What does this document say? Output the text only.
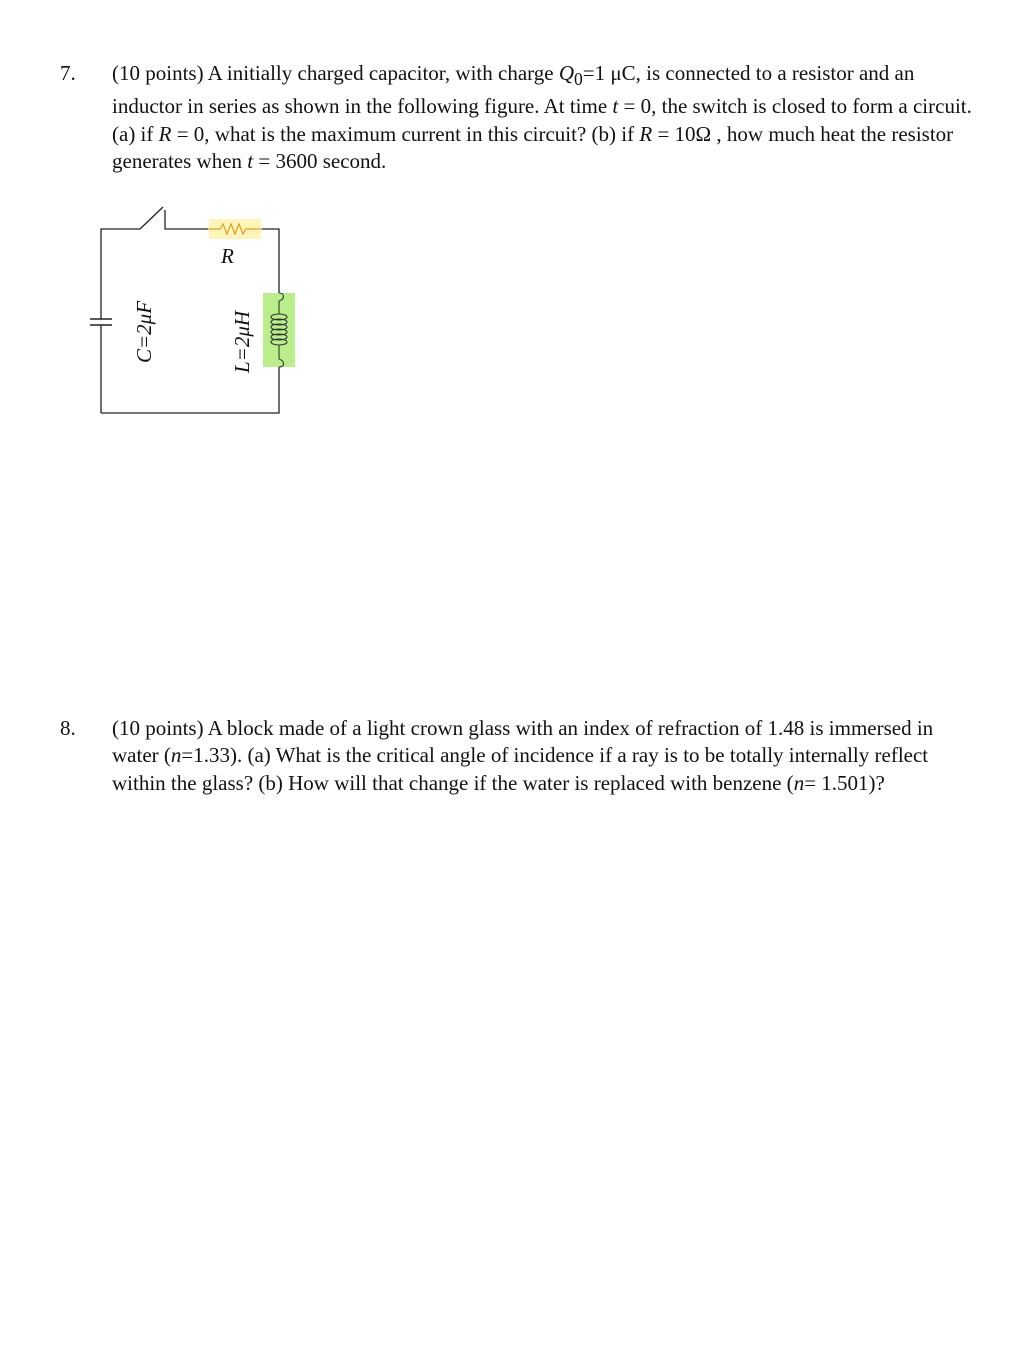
7. (10 points) A initially charged capacitor, with charge $Q_0=1$ μC, is connected to a resistor and an inductor in series as shown in the following figure. At time t = 0, the switch is closed to form a circuit. (a) if R = 0, what is the maximum current in this circuit? (b) if R = 10Ω , how much heat the resistor generates when t = 3600 second.
R
C=2μF	L=2μH
8. (10 points) A block made of a light crown glass with an index of refraction of 1.48 is immersed in water (n=1.33). (a) What is the critical angle of incidence if a ray is to be totally internally reflect within the glass? (b) How will that change if the water is replaced with benzene (n= 1.501)?
